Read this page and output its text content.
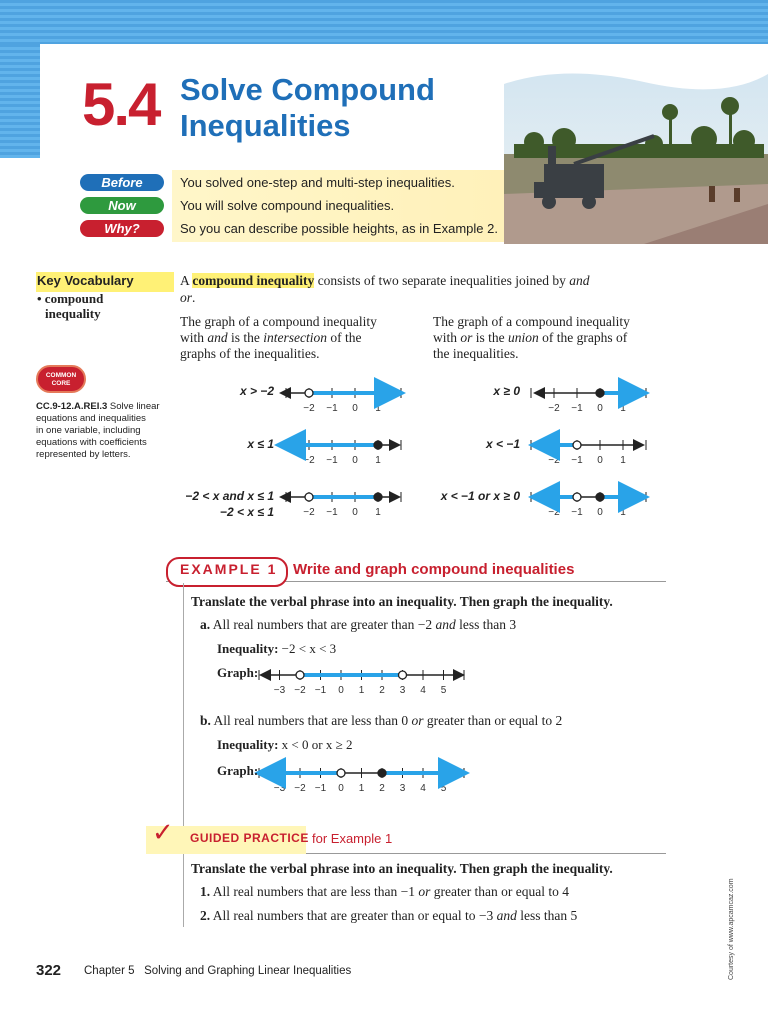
5.4 Solve Compound
Inequalities
Before	You solved one-step and multi-step inequalities.
Now	You will solve compound inequalities.
Why?	So you can describe possible heights, as in Example 2.
Key Vocabulary
• compound
inequality
COMMON
CORE
CC.9-12.A.REI.3 Solve linear
equations and inequalities
in one variable, including
equations with coefficients
represented by letters.
A compound inequality consists of two separate inequalities joined by and
or.
The graph of a compound inequality
with and is the intersection of the
graphs of the inequalities.
The graph of a compound inequality
with or is the union of the graphs of
the inequalities.
x > −2
x ≤ 1
−2 < x and x ≤ 1
−2 < x ≤ 1
x ≥ 0
x < −1
x < −1 or x ≥ 0
−2 −1 0 1
−2 −1 0 1
−2 −1 0 1
−2 −1 0 1
−2 −1 0 1
−2 −1 0 1
−3 −2 −1 0 1 2 3 4 5
−3 −2 −1 0 1 2 3 4 5
EXAMPLE 1 Write and graph compound inequalities
Translate the verbal phrase into an inequality. Then graph the inequality.
a. All real numbers that are greater than −2 and less than 3
Inequality: −2 < x < 3
Graph:
b. All real numbers that are less than 0 or greater than or equal to 2
Inequality: x < 0 or x ≥ 2
Graph:
✓ GUIDED PRACTICE for Example 1
Translate the verbal phrase into an inequality. Then graph the inequality.
1. All real numbers that are less than −1 or greater than or equal to 4
2. All real numbers that are greater than or equal to −3 and less than 5
322 Chapter 5   Solving and Graphing Linear Inequalities	Courtesy of www.apcamcaz.com
